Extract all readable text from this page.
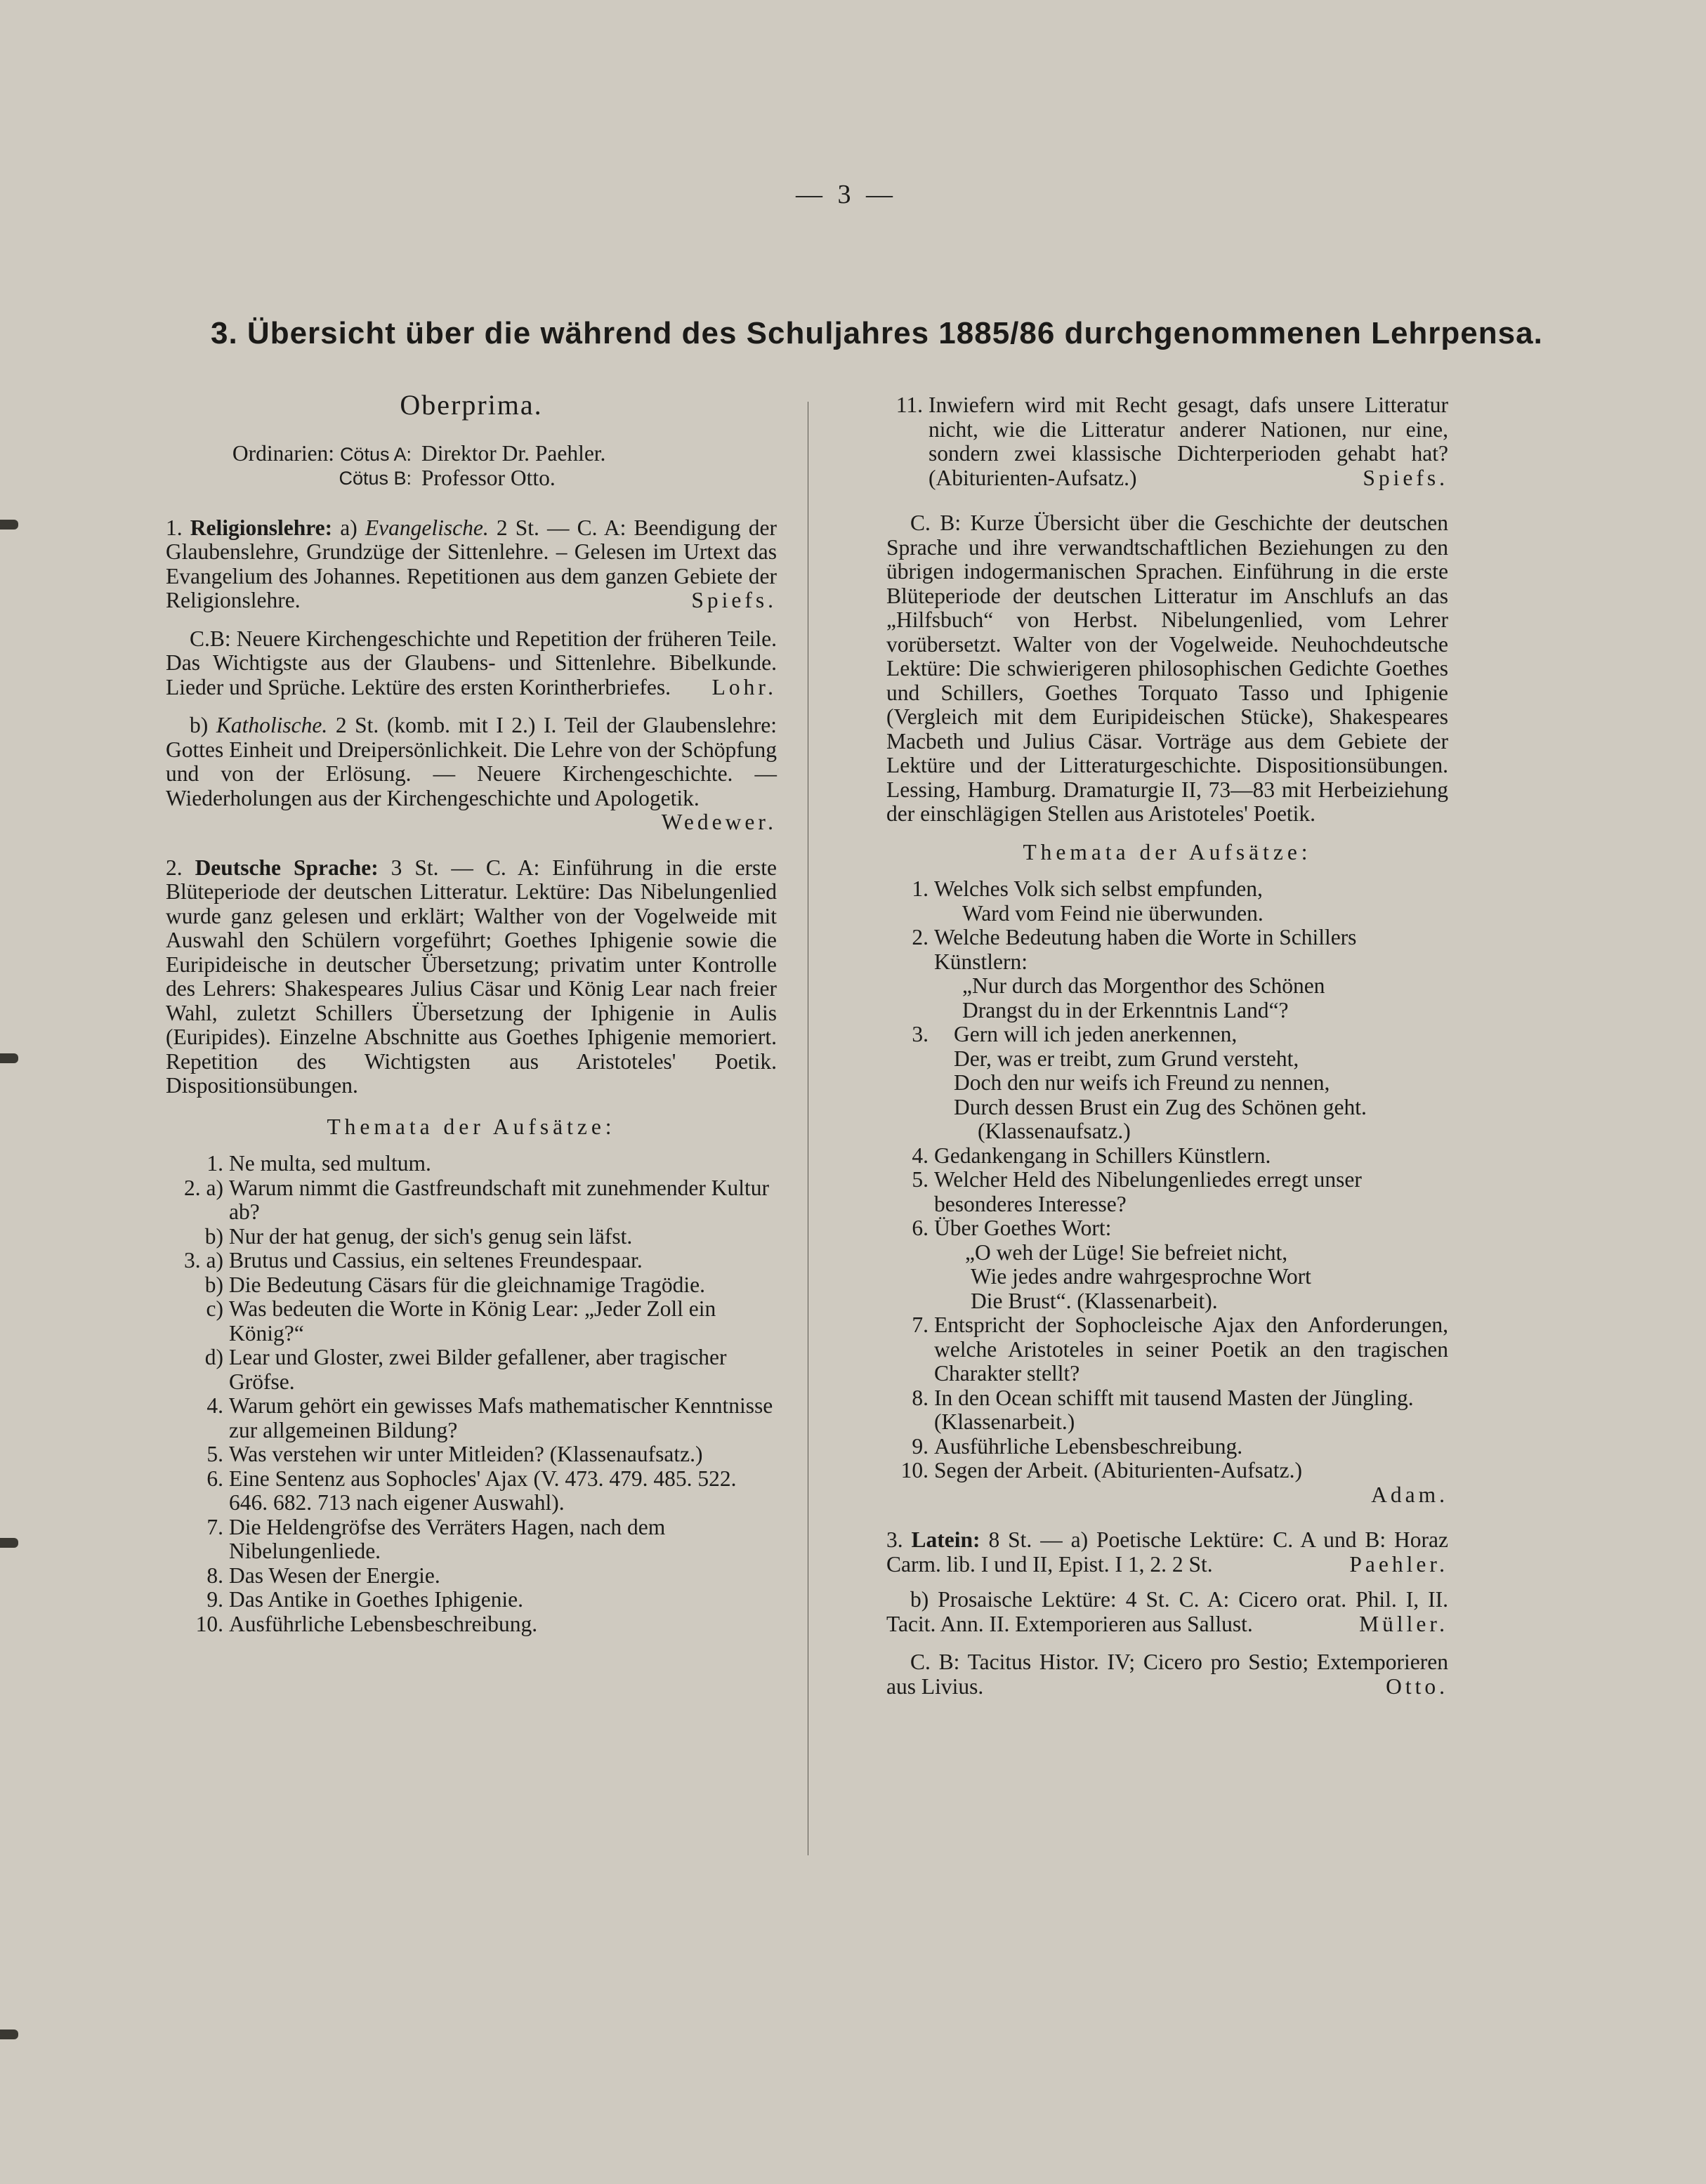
— 3 —
3. Übersicht über die während des Schuljahres 1885/86 durchgenommenen Lehrpensa.
Oberprima.
Ordinarien: Cötus A: Direktor Dr. Paehler.
Cötus B: Professor Otto.

1. Religionslehre: a) Evangelische. 2 St. — C. A: Beendigung der Glaubenslehre, Grundzüge der Sittenlehre. – Gelesen im Urtext das Evangelium des Johannes. Repetitionen aus dem ganzen Gebiete der Religionslehre.	Spiefs.

C.B: Neuere Kirchengeschichte und Repetition der früheren Teile. Das Wichtigste aus der Glaubens- und Sittenlehre. Bibelkunde. Lieder und Sprüche. Lektüre des ersten Korintherbriefes.	Lohr.

b) Katholische. 2 St. (komb. mit I 2.) I. Teil der Glaubenslehre: Gottes Einheit und Dreipersönlichkeit. Die Lehre von der Schöpfung und von der Erlösung. — Neuere Kirchengeschichte. — Wiederholungen aus der Kirchengeschichte und Apologetik.
Wedewer.

2. Deutsche Sprache: 3 St. — C. A: Einführung in die erste Blüteperiode der deutschen Litteratur. Lektüre: Das Nibelungenlied wurde ganz gelesen und erklärt; Walther von der Vogelweide mit Auswahl den Schülern vorgeführt; Goethes Iphigenie sowie die Euripideische in deutscher Übersetzung; privatim unter Kontrolle des Lehrers: Shakespeares Julius Cäsar und König Lear nach freier Wahl, zuletzt Schillers Übersetzung der Iphigenie in Aulis (Euripides). Einzelne Abschnitte aus Goethes Iphigenie memoriert. Repetition des Wichtigsten aus Aristoteles' Poetik. Dispositionsübungen.

Themata der Aufsätze:
1. Ne multa, sed multum.
2. a) Warum nimmt die Gastfreundschaft mit zunehmender Kultur ab?
b) Nur der hat genug, der sich's genug sein läfst.
3. a) Brutus und Cassius, ein seltenes Freundespaar.
b) Die Bedeutung Cäsars für die gleichnamige Tragödie.
c) Was bedeuten die Worte in König Lear: „Jeder Zoll ein König?“
d) Lear und Gloster, zwei Bilder gefallener, aber tragischer Gröfse.
4. Warum gehört ein gewisses Mafs mathematischer Kenntnisse zur allgemeinen Bildung?
5. Was verstehen wir unter Mitleiden? (Klassenaufsatz.)
6. Eine Sentenz aus Sophocles' Ajax (V. 473. 479. 485. 522. 646. 682. 713 nach eigener Auswahl).
7. Die Heldengröfse des Verräters Hagen, nach dem Nibelungenliede.
8. Das Wesen der Energie.
9. Das Antike in Goethes Iphigenie.
10. Ausführliche Lebensbeschreibung.
11. Inwiefern wird mit Recht gesagt, dafs unsere Litteratur nicht, wie die Litteratur anderer Nationen, nur eine, sondern zwei klassische Dichterperioden gehabt hat? (Abiturienten-Aufsatz.)	Spiefs.

C. B: Kurze Übersicht über die Geschichte der deutschen Sprache und ihre verwandtschaftlichen Beziehungen zu den übrigen indogermanischen Sprachen. Einführung in die erste Blüteperiode der deutschen Litteratur im Anschlufs an das „Hilfsbuch“ von Herbst. Nibelungenlied, vom Lehrer vorübersetzt. Walter von der Vogelweide. Neuhochdeutsche Lektüre: Die schwierigeren philosophischen Gedichte Goethes und Schillers, Goethes Torquato Tasso und Iphigenie (Vergleich mit dem Euripideischen Stücke), Shakespeares Macbeth und Julius Cäsar. Vorträge aus dem Gebiete der Lektüre und der Litteraturgeschichte. Dispositionsübungen. Lessing, Hamburg. Dramaturgie II, 73—83 mit Herbeiziehung der einschlägigen Stellen aus Aristoteles' Poetik.

Themata der Aufsätze:
1. Welches Volk sich selbst empfunden,
Ward vom Feind nie überwunden.
2. Welche Bedeutung haben die Worte in Schillers Künstlern:
„Nur durch das Morgenthor des Schönen
Drangst du in der Erkenntnis Land“?
3.	Gern will ich jeden anerkennen,
Der, was er treibt, zum Grund versteht,
Doch den nur weifs ich Freund zu nennen,
Durch dessen Brust ein Zug des Schönen geht.
(Klassenaufsatz.)
4. Gedankengang in Schillers Künstlern.
5. Welcher Held des Nibelungenliedes erregt unser besonderes Interesse?
6. Über Goethes Wort:
„O weh der Lüge! Sie befreiet nicht,
Wie jedes andre wahrgesprochne Wort
Die Brust“. (Klassenarbeit).
7. Entspricht der Sophocleische Ajax den Anforderungen, welche Aristoteles in seiner Poetik an den tragischen Charakter stellt?
8. In den Ocean schifft mit tausend Masten der Jüngling. (Klassenarbeit.)
9. Ausführliche Lebensbeschreibung.
10. Segen der Arbeit. (Abiturienten-Aufsatz.)
Adam.

3. Latein: 8 St. — a) Poetische Lektüre: C. A und B: Horaz Carm. lib. I und II, Epist. I 1, 2. 2 St.	Paehler.

b) Prosaische Lektüre: 4 St. C. A: Cicero orat. Phil. I, II. Tacit. Ann. II. Extemporieren aus Sallust.	Müller.

C. B: Tacitus Histor. IV; Cicero pro Sestio; Extemporieren aus Livius.	Otto.
